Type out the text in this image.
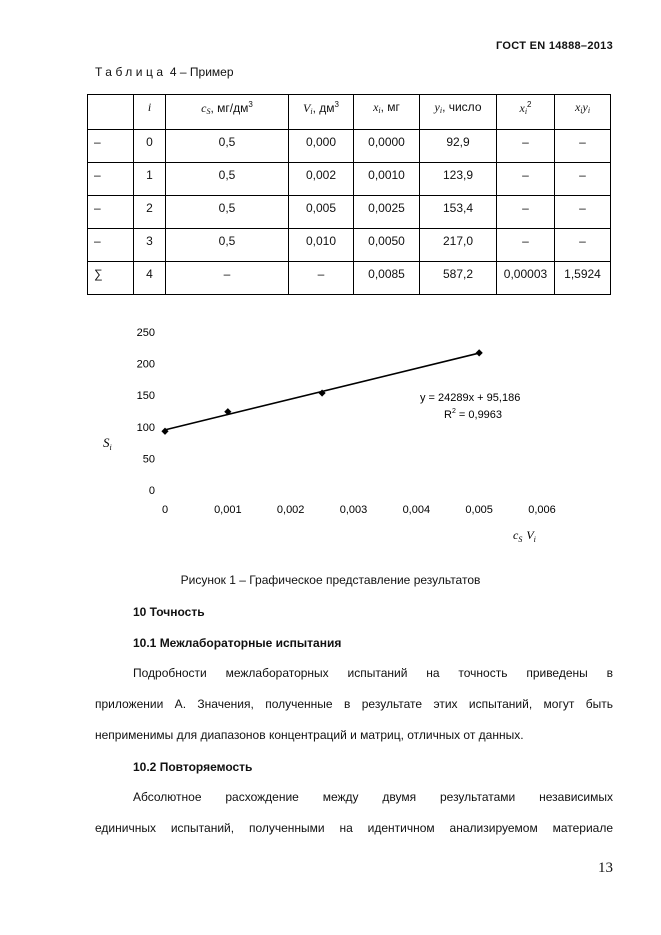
ГОСТ EN 14888–2013
Таблица 4 – Пример

	i	$c_S$, $мг/дм^3$	$V_i$, $дм^3$	$x_i$, мг	$y_i$, число	$x_i^2$	$x_iy_i$

–	0	0,5	0,000	0,0000	92,9	–	–

–	1	0,5	0,002	0,0010	123,9	–	–

–	2	0,5	0,005	0,0025	153,4	–	–

–	3	0,5	0,010	0,0050	217,0	–	–

∑	4	–	–	0,0085	587,2	0,00003	1,5924
0
50
100
150
200
250
0	0,001	0,002	0,003	0,004	0,005	0,006
y = 24289x + 95,186
$R^2 = 0,9963$
$S_i$
$c_S$ $V_i$
Рисунок 1 – Графическое представление результатов
10 Точность
10.1 Межлабораторные испытания
Подробности межлабораторных испытаний на точность приведены в
приложении А. Значения, полученные в результате этих испытаний, могут быть
неприменимы для диапазонов концентраций и матриц, отличных от данных.
10.2 Повторяемость
Абсолютное расхождение между двумя результатами независимых
единичных испытаний, полученными на идентичном анализируемом материале
13
